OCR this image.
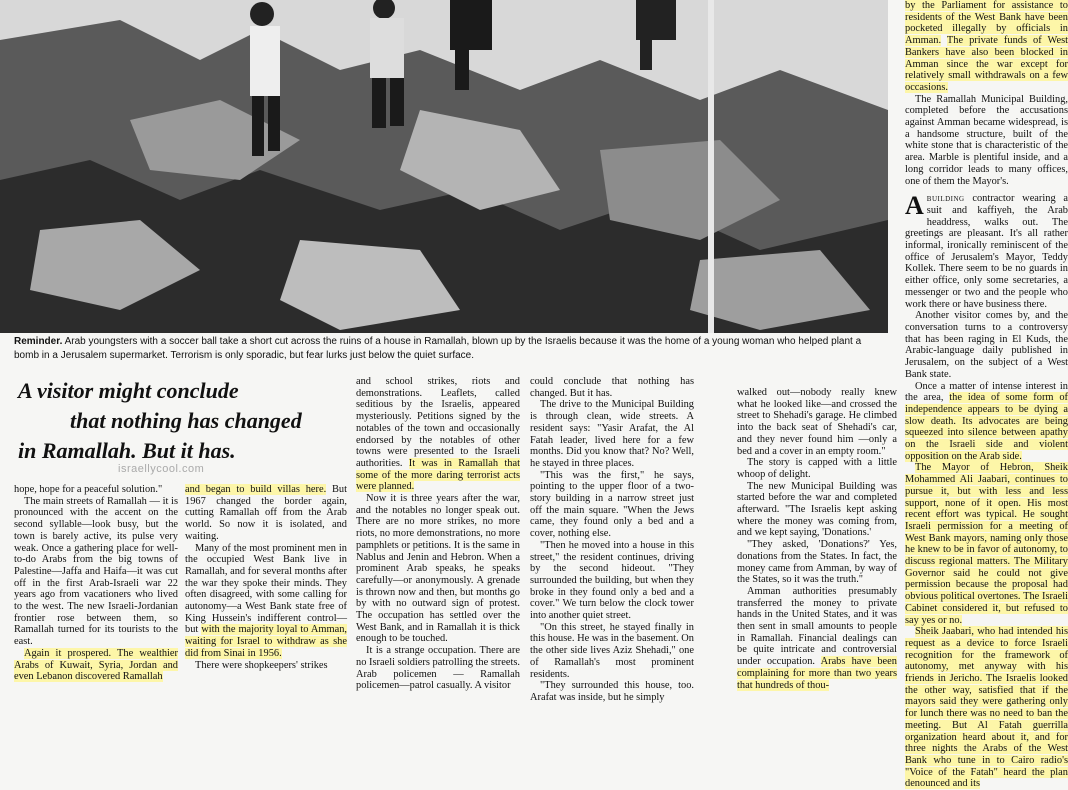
Reminder. Arab youngsters with a soccer ball take a short cut across the ruins of a house in Ramallah, blown up by the Israelis because it was the home of a young woman who helped plant a bomb in a Jerusalem supermarket. Terrorism is only sporadic, but fear lurks just below the quiet surface.

A visitor might conclude
that nothing has changed
in Ramallah. But it has.

israellycool.com

hope, hope for a peaceful solution."

The main streets of Ramallah — it is pronounced with the accent on the second syllable—look busy, but the town is barely active, its pulse very weak. Once a gathering place for well-to-do Arabs from the big towns of Palestine—Jaffa and Haifa—it was cut off in the first Arab-Israeli war 22 years ago from vacationers who lived to the west. The new Israeli-Jordanian frontier rose between them, so Ramallah turned for its tourists to the east.

Again it prospered. The wealthier Arabs of Kuwait, Syria, Jordan and even Lebanon discovered Ramallah

and began to build villas here. But 1967 changed the border again, cutting Ramallah off from the Arab world. So now it is isolated, and waiting.

Many of the most prominent men in the occupied West Bank live in Ramallah, and for several months after the war they spoke their minds. They often disagreed, with some calling for autonomy—a West Bank state free of King Hussein's indifferent control—but with the majority loyal to Amman, waiting for Israel to withdraw as she did from Sinai in 1956.

There were shopkeepers' strikes

and school strikes, riots and demonstrations. Leaflets, called seditious by the Israelis, appeared mysteriously. Petitions signed by the notables of the town and occasionally endorsed by the notables of other towns were presented to the Israeli authorities. It was in Ramallah that some of the more daring terrorist acts were planned.

Now it is three years after the war, and the notables no longer speak out. There are no more strikes, no more riots, no more demonstrations, no more pamphlets or petitions. It is the same in Nablus and Jenin and Hebron. When a prominent Arab speaks, he speaks carefully—or anonymously. A grenade is thrown now and then, but months go by with no outward sign of protest. The occupation has settled over the West Bank, and in Ramallah it is thick enough to be touched.

It is a strange occupation. There are no Israeli soldiers patrolling the streets. Arab policemen — Ramallah policemen—patrol casually. A visitor

could conclude that nothing has changed. But it has.

The drive to the Municipal Building is through clean, wide streets. A resident says: "Yasir Arafat, the Al Fatah leader, lived here for a few months. Did you know that? No? Well, he stayed in three places.

"This was the first," he says, pointing to the upper floor of a two-story building in a narrow street just off the main square. "When the Jews came, they found only a bed and a cover, nothing else.

"Then he moved into a house in this street," the resident continues, driving by the second hideout. "They surrounded the building, but when they broke in they found only a bed and a cover." We turn below the clock tower into another quiet street.

"On this street, he stayed finally in this house. He was in the basement. On the other side lives Aziz Shehadi," one of Ramallah's most prominent residents.

"They surrounded this house, too. Arafat was inside, but he simply

walked out—nobody really knew what he looked like—and crossed the street to Shehadi's garage. He climbed into the back seat of Shehadi's car, and they never found him —only a bed and a cover in an empty room."

The story is capped with a little whoop of delight.

The new Municipal Building was started before the war and completed afterward. "The Israelis kept asking where the money was coming from, and we kept saying, 'Donations.'

"They asked, 'Donations?' Yes, donations from the States. In fact, the money came from Amman, by way of the States, so it was the truth."

Amman authorities presumably transferred the money to private hands in the United States, and it was then sent in small amounts to people in Ramallah. Financial dealings can be quite intricate and controversial under occupation. Arabs have been complaining for more than two years that hundreds of thou-

by the Parliament for assistance to residents of the West Bank have been pocketed illegally by officials in Amman. The private funds of West Bankers have also been blocked in Amman since the war except for relatively small withdrawals on a few occasions.

The Ramallah Municipal Building, completed before the accusations against Amman became widespread, is a handsome structure, built of the white stone that is characteristic of the area. Marble is plentiful inside, and a long corridor leads to many offices, one of them the Mayor's.

Abuilding contractor wearing a suit and kaffiyeh, the Arab headdress, walks out. The greetings are pleasant. It's all rather informal, ironically reminiscent of the office of Jerusalem's Mayor, Teddy Kollek. There seem to be no guards in either office, only some secretaries, a messenger or two and the people who work there or have business there.

Another visitor comes by, and the conversation turns to a controversy that has been raging in El Kuds, the Arabic-language daily published in Jerusalem, on the subject of a West Bank state.

Once a matter of intense interest in the area, the idea of some form of independence appears to be dying a slow death. Its advocates are being squeezed into silence between apathy on the Israeli side and violent opposition on the Arab side.

The Mayor of Hebron, Sheik Mohammed Ali Jaabari, continues to pursue it, but with less and less support, none of it open. His most recent effort was typical. He sought Israeli permission for a meeting of West Bank mayors, naming only those he knew to be in favor of autonomy, to discuss regional matters. The Military Governor said he could not give permission because the proposal had obvious political overtones. The Israeli Cabinet considered it, but refused to say yes or no.

Sheik Jaabari, who had intended his request as a device to force Israeli recognition for the framework of autonomy, met anyway with his friends in Jericho. The Israelis looked the other way, satisfied that if the mayors said they were gathering only for lunch there was no need to ban the meeting. But Al Fatah guerrilla organization heard about it, and for three nights the Arabs of the West Bank who tune in to Cairo radio's "Voice of the Fatah" heard the plan denounced and its
